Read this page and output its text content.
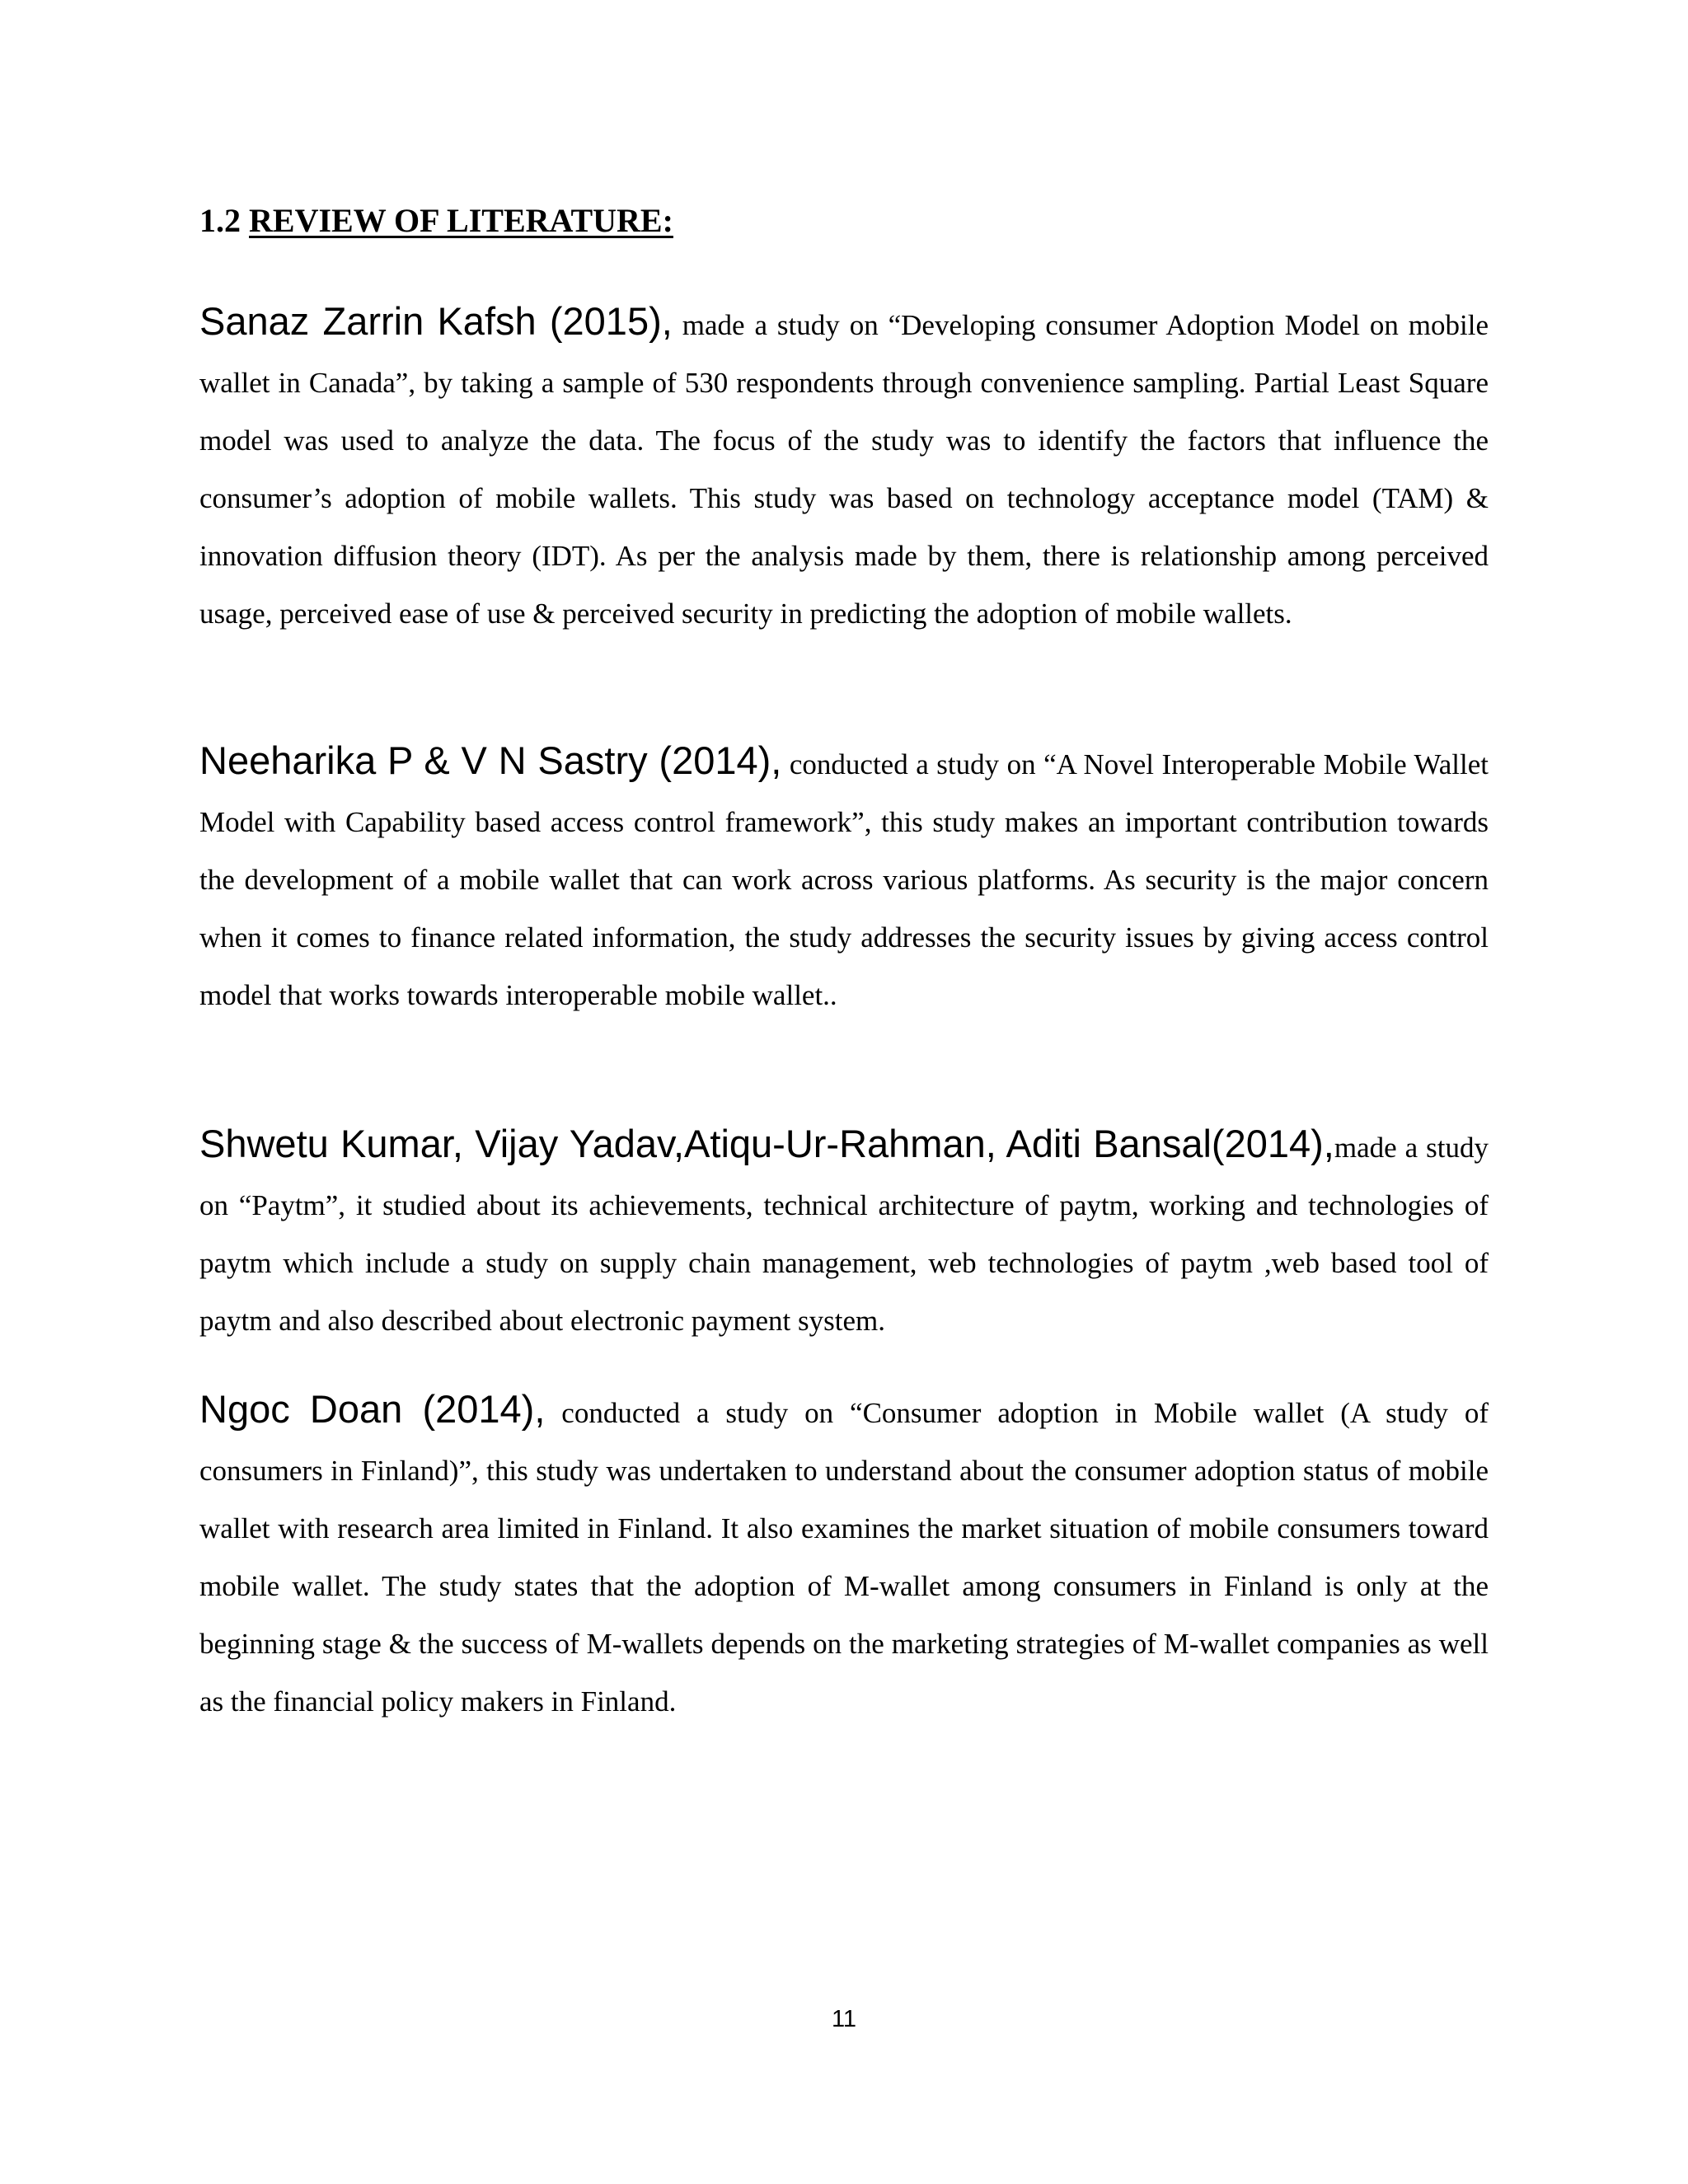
1.2 REVIEW OF LITERATURE:

Sanaz Zarrin Kafsh (2015), made a study on “Developing consumer Adoption Model on mobile wallet in Canada”, by taking a sample of 530 respondents through convenience sampling. Partial Least Square model was used to analyze the data. The focus of the study was to identify the factors that influence the consumer’s adoption of mobile wallets. This study was based on technology acceptance model (TAM) & innovation diffusion theory (IDT). As per the analysis made by them, there is relationship among perceived usage, perceived ease of use & perceived security in predicting the adoption of mobile wallets.

Neeharika P & V N Sastry (2014), conducted a study on “A Novel Interoperable Mobile Wallet Model with Capability based access control framework”, this study makes an important contribution towards the development of a mobile wallet that can work across various platforms. As security is the major concern when it comes to finance related information, the study addresses the security issues by giving access control model that works towards interoperable mobile wallet..

Shwetu Kumar, Vijay Yadav,Atiqu-Ur-Rahman, Aditi Bansal(2014),made a study on “Paytm”, it studied about its achievements, technical architecture of paytm, working and technologies of paytm which include a study on supply chain management, web technologies of paytm ,web based tool of paytm and also described about electronic payment system.

Ngoc Doan (2014), conducted a study on “Consumer adoption in Mobile wallet (A study of consumers in Finland)”, this study was undertaken to understand about the consumer adoption status of mobile wallet with research area limited in Finland. It also examines the market situation of mobile consumers toward mobile wallet. The study states that the adoption of M-wallet among consumers in Finland is only at the beginning stage & the success of M-wallets depends on the marketing strategies of M-wallet companies as well as the financial policy makers in Finland.

11
